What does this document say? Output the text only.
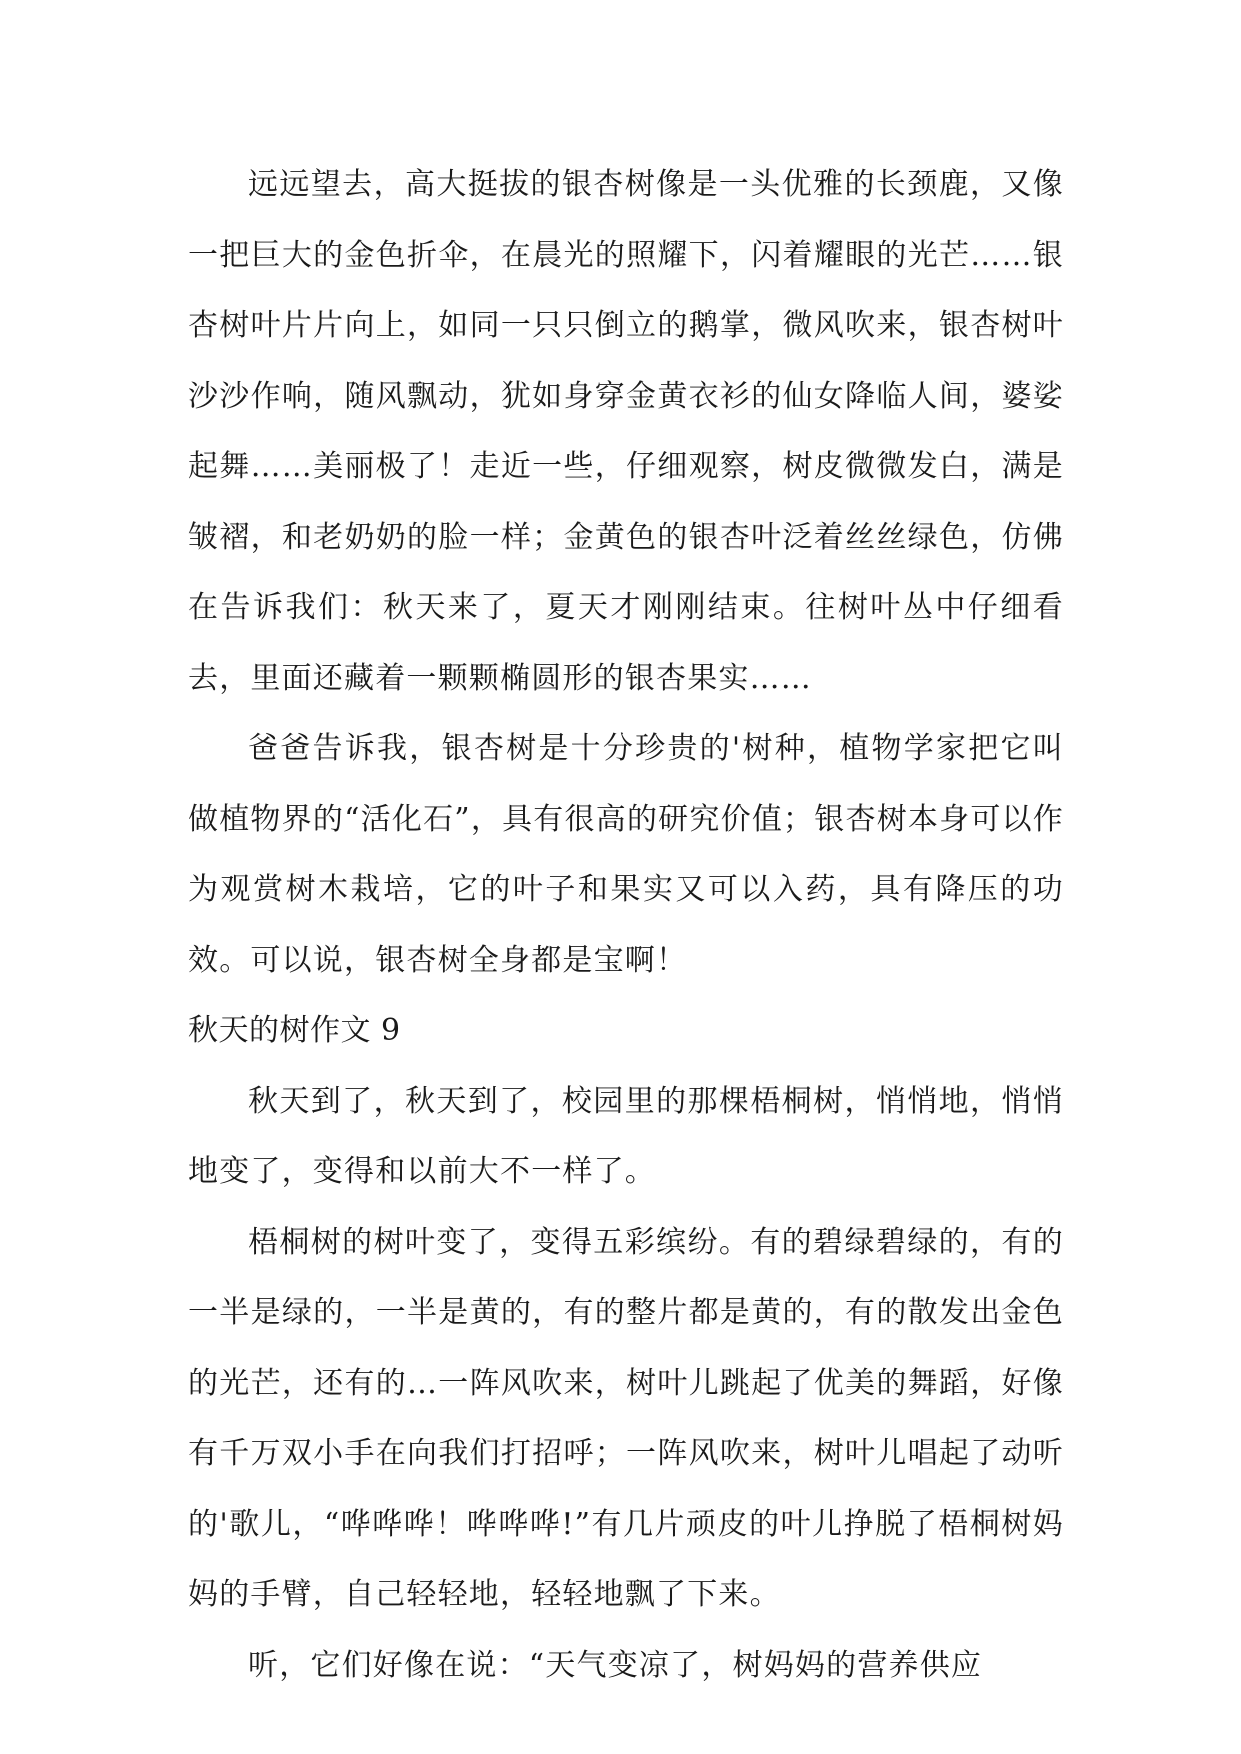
远远望去，高大挺拔的银杏树像是一头优雅的长颈鹿，又像一把巨大的金色折伞，在晨光的照耀下，闪着耀眼的光芒……银杏树叶片片向上，如同一只只倒立的鹅掌，微风吹来，银杏树叶沙沙作响，随风飘动，犹如身穿金黄衣衫的仙女降临人间，婆娑起舞……美丽极了！走近一些，仔细观察，树皮微微发白，满是皱褶，和老奶奶的脸一样；金黄色的银杏叶泛着丝丝绿色，仿佛在告诉我们：秋天来了，夏天才刚刚结束。往树叶丛中仔细看去，里面还藏着一颗颗椭圆形的银杏果实……

爸爸告诉我，银杏树是十分珍贵的'树种，植物学家把它叫做植物界的“活化石”，具有很高的研究价值；银杏树本身可以作为观赏树木栽培，它的叶子和果实又可以入药，具有降压的功效。可以说，银杏树全身都是宝啊！

秋天的树作文 9

秋天到了，秋天到了，校园里的那棵梧桐树，悄悄地，悄悄地变了，变得和以前大不一样了。

梧桐树的树叶变了，变得五彩缤纷。有的碧绿碧绿的，有的一半是绿的，一半是黄的，有的整片都是黄的，有的散发出金色的光芒，还有的…一阵风吹来，树叶儿跳起了优美的舞蹈，好像有千万双小手在向我们打招呼；一阵风吹来，树叶儿唱起了动听的'歌儿，“哗哗哗！哗哗哗!”有几片顽皮的叶儿挣脱了梧桐树妈妈的手臂，自己轻轻地，轻轻地飘了下来。

听，它们好像在说：“天气变凉了，树妈妈的营养供应
